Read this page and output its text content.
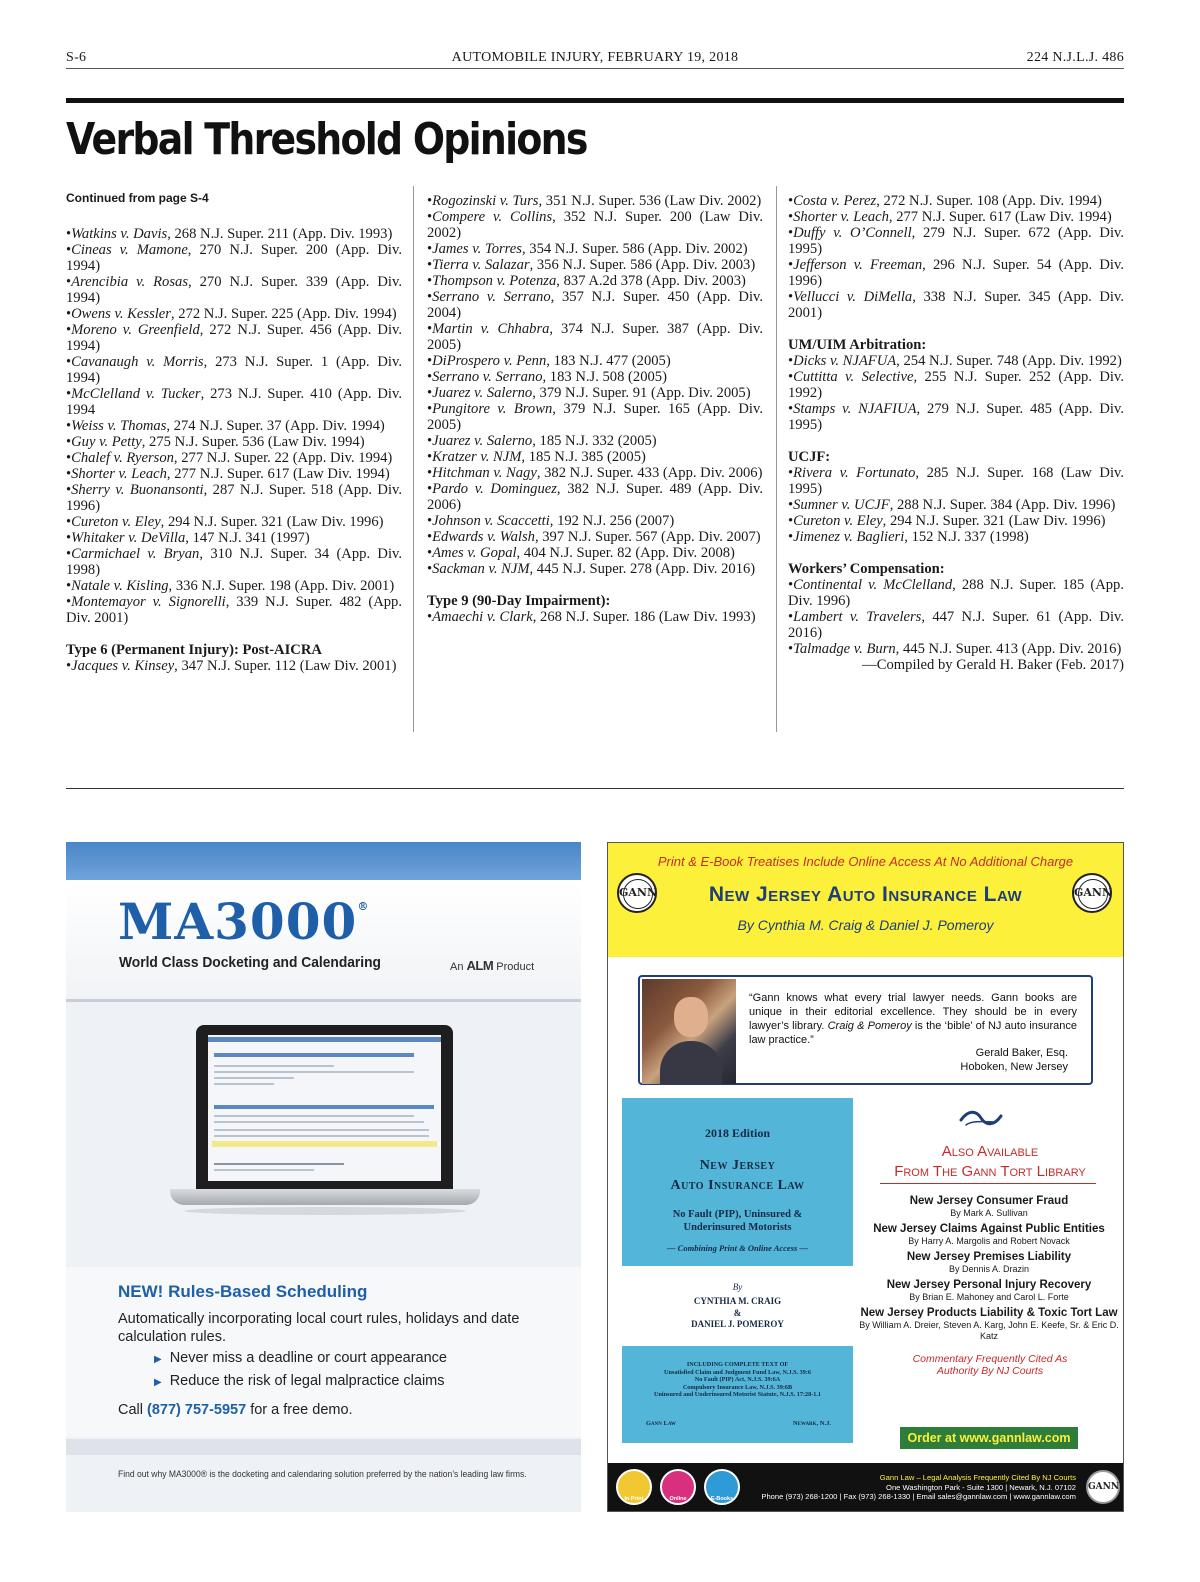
S-6	AUTOMOBILE INJURY, FEBRUARY 19, 2018	224 N.J.L.J. 486
Verbal Threshold Opinions
Continued from page S-4
•Watkins v. Davis, 268 N.J. Super. 211 (App. Div. 1993)
•Cineas v. Mamone, 270 N.J. Super. 200 (App. Div. 1994)
•Arencibia v. Rosas, 270 N.J. Super. 339 (App. Div. 1994)
•Owens v. Kessler, 272 N.J. Super. 225 (App. Div. 1994)
•Moreno v. Greenfield, 272 N.J. Super. 456 (App. Div. 1994)
•Cavanaugh v. Morris, 273 N.J. Super. 1 (App. Div. 1994)
•McClelland v. Tucker, 273 N.J. Super. 410 (App. Div. 1994
•Weiss v. Thomas, 274 N.J. Super. 37 (App. Div. 1994)
•Guy v. Petty, 275 N.J. Super. 536 (Law Div. 1994)
•Chalef v. Ryerson, 277 N.J. Super. 22 (App. Div. 1994)
•Shorter v. Leach, 277 N.J. Super. 617 (Law Div. 1994)
•Sherry v. Buonansonti, 287 N.J. Super. 518 (App. Div. 1996)
•Cureton v. Eley, 294 N.J. Super. 321 (Law Div. 1996)
•Whitaker v. DeVilla, 147 N.J. 341 (1997)
•Carmichael v. Bryan, 310 N.J. Super. 34 (App. Div. 1998)
•Natale v. Kisling, 336 N.J. Super. 198 (App. Div. 2001)
•Montemayor v. Signorelli, 339 N.J. Super. 482 (App. Div. 2001)
Type 6 (Permanent Injury): Post-AICRA
•Jacques v. Kinsey, 347 N.J. Super. 112 (Law Div. 2001)
•Rogozinski v. Turs, 351 N.J. Super. 536 (Law Div. 2002)
•Compere v. Collins, 352 N.J. Super. 200 (Law Div. 2002)
•James v. Torres, 354 N.J. Super. 586 (App. Div. 2002)
•Tierra v. Salazar, 356 N.J. Super. 586 (App. Div. 2003)
•Thompson v. Potenza, 837 A.2d 378 (App. Div. 2003)
•Serrano v. Serrano, 357 N.J. Super. 450 (App. Div. 2004)
•Martin v. Chhabra, 374 N.J. Super. 387 (App. Div. 2005)
•DiProspero v. Penn, 183 N.J. 477 (2005)
•Serrano v. Serrano, 183 N.J. 508 (2005)
•Juarez v. Salerno, 379 N.J. Super. 91 (App. Div. 2005)
•Pungitore v. Brown, 379 N.J. Super. 165 (App. Div. 2005)
•Juarez v. Salerno, 185 N.J. 332 (2005)
•Kratzer v. NJM, 185 N.J. 385 (2005)
•Hitchman v. Nagy, 382 N.J. Super. 433 (App. Div. 2006)
•Pardo v. Dominguez, 382 N.J. Super. 489 (App. Div. 2006)
•Johnson v. Scaccetti, 192 N.J. 256 (2007)
•Edwards v. Walsh, 397 N.J. Super. 567 (App. Div. 2007)
•Ames v. Gopal, 404 N.J. Super. 82 (App. Div. 2008)
•Sackman v. NJM, 445 N.J. Super. 278 (App. Div. 2016)
Type 9 (90-Day Impairment):
•Amaechi v. Clark, 268 N.J. Super. 186 (Law Div. 1993)
•Costa v. Perez, 272 N.J. Super. 108 (App. Div. 1994)
•Shorter v. Leach, 277 N.J. Super. 617 (Law Div. 1994)
•Duffy v. O’Connell, 279 N.J. Super. 672 (App. Div. 1995)
•Jefferson v. Freeman, 296 N.J. Super. 54 (App. Div. 1996)
•Vellucci v. DiMella, 338 N.J. Super. 345 (App. Div. 2001)
UM/UIM Arbitration:
•Dicks v. NJAFUA, 254 N.J. Super. 748 (App. Div. 1992)
•Cuttitta v. Selective, 255 N.J. Super. 252 (App. Div. 1992)
•Stamps v. NJAFIUA, 279 N.J. Super. 485 (App. Div. 1995)
UCJF:
•Rivera v. Fortunato, 285 N.J. Super. 168 (Law Div. 1995)
•Sumner v. UCJF, 288 N.J. Super. 384 (App. Div. 1996)
•Cureton v. Eley, 294 N.J. Super. 321 (Law Div. 1996)
•Jimenez v. Baglieri, 152 N.J. 337 (1998)
Workers’ Compensation:
•Continental v. McClelland, 288 N.J. Super. 185 (App. Div. 1996)
•Lambert v. Travelers, 447 N.J. Super. 61 (App. Div. 2016)
•Talmadge v. Burn, 445 N.J. Super. 413 (App. Div. 2016)
—Compiled by Gerald H. Baker (Feb. 2017)
MA3000®
World Class Docketing and Calendaring	An ALM Product
NEW! Rules-Based Scheduling
Automatically incorporating local court rules, holidays and date calculation rules.
▶ Never miss a deadline or court appearance
▶ Reduce the risk of legal malpractice claims
Call (877) 757-5957 for a free demo.
Find out why MA3000® is the docketing and calendaring solution preferred by the nation’s leading law firms.
Print & E-Book Treatises Include Online Access At No Additional Charge
GANN	GANN
New Jersey Auto Insurance Law
By Cynthia M. Craig & Daniel J. Pomeroy
“Gann knows what every trial lawyer needs. Gann books are unique in their editorial excellence. They should be in every lawyer’s library. Craig & Pomeroy is the ‘bible’ of NJ auto insurance law practice.”
Gerald Baker, Esq.
Hoboken, New Jersey
2018 Edition
New Jersey
Auto Insurance Law
No Fault (PIP), Uninsured &
Underinsured Motorists
— Combining Print & Online Access —
By
CYNTHIA M. CRAIG
&
DANIEL J. POMEROY
INCLUDING COMPLETE TEXT OF
Unsatisfied Claim and Judgment Fund Law, N.J.S. 39:6
No Fault (PIP) Act, N.J.S. 39:6A
Compulsory Insurance Law, N.J.S. 39:6B
Uninsured and Underinsured Motorist Statute, N.J.S. 17:28-1.1
Gann Law	Newark, N.J.
Also Available
From The Gann Tort Library
New Jersey Consumer Fraud
By Mark A. Sullivan
New Jersey Claims Against Public Entities
By Harry A. Margolis and Robert Novack
New Jersey Premises Liability
By Dennis A. Drazin
New Jersey Personal Injury Recovery
By Brian E. Mahoney and Carol L. Forte
New Jersey Products Liability & Toxic Tort Law
By William A. Dreier, Steven A. Karg, John E. Keefe, Sr. & Eric D. Katz
Commentary Frequently Cited As
Authority By NJ Courts
Order at www.gannlaw.com
In Print	Online	E-Books
Gann Law – Legal Analysis Frequently Cited By NJ Courts
One Washington Park - Suite 1300 | Newark, N.J. 07102
Phone (973) 268-1200 | Fax (973) 268-1330 | Email sales@gannlaw.com | www.gannlaw.com
GANN
